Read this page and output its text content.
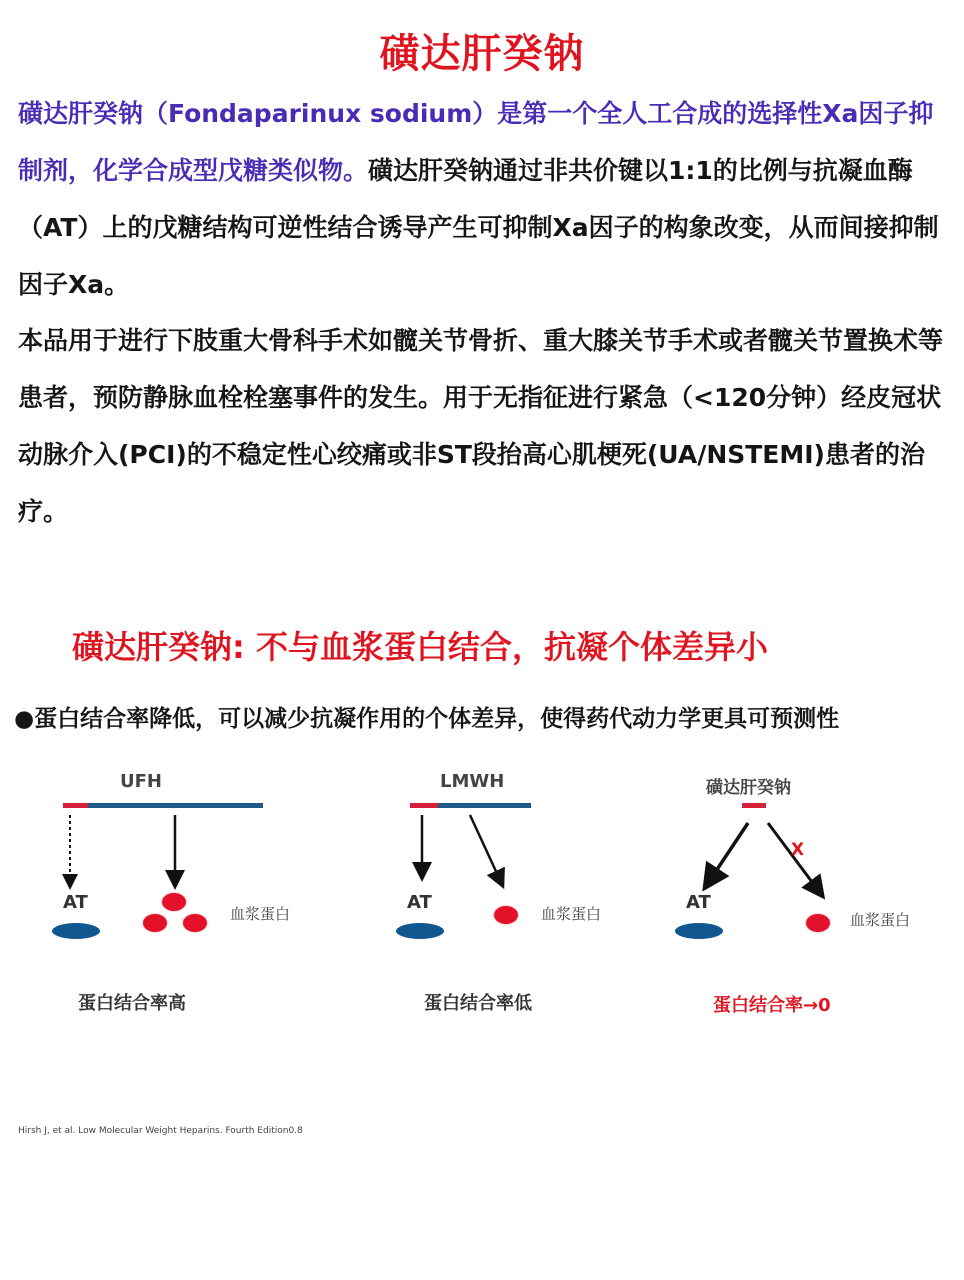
磺达肝癸钠
磺达肝癸钠（Fondaparinux sodium）是第一个全人工合成的选择性Xa因子抑制剂，化学合成型戊糖类似物。磺达肝癸钠通过非共价键以1:1的比例与抗凝血酶（AT）上的戊糖结构可逆性结合诱导产生可抑制Xa因子的构象改变，从而间接抑制因子Xa。
本品用于进行下肢重大骨科手术如髋关节骨折、重大膝关节手术或者髋关节置换术等患者，预防静脉血栓栓塞事件的发生。用于无指征进行紧急（<120分钟）经皮冠状动脉介入(PCI)的不稳定性心绞痛或非ST段抬高心肌梗死(UA/NSTEMI)患者的治疗。
磺达肝癸钠: 不与血浆蛋白结合，抗凝个体差异小
●蛋白结合率降低，可以减少抗凝作用的个体差异，使得药代动力学更具可预测性
UFH
AT
血浆蛋白
蛋白结合率高
LMWH
AT
血浆蛋白
蛋白结合率低
磺达肝癸钠
X
AT
血浆蛋白
蛋白结合率→0
Hirsh J, et al. Low Molecular Weight Heparins. Fourth Edition0.8
